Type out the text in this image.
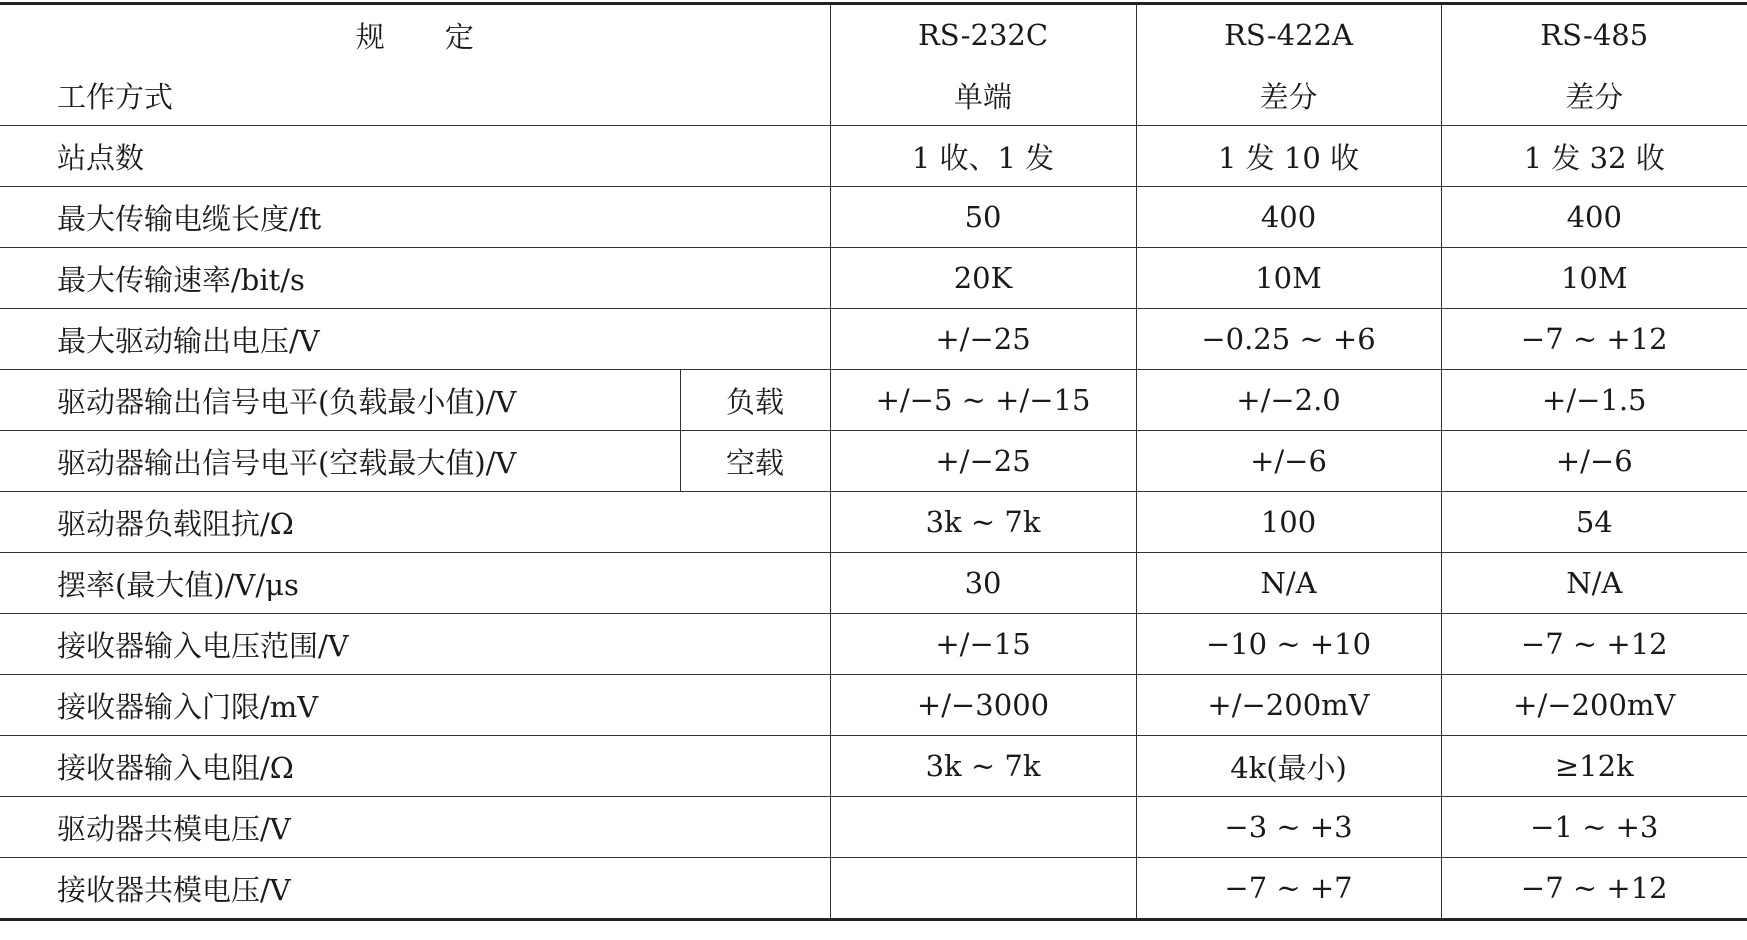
规定		RS-232C	RS-422A	RS-485
工作方式		单端	差分	差分
站点数		1 收、1 发	1 发 10 收	1 发 32 收
最大传输电缆长度/ft		50	400	400
最大传输速率/bit/s		20K	10M	10M
最大驱动输出电压/V		+/−25	−0.25 ~ +6	−7 ~ +12
驱动器输出信号电平(负载最小值)/V	负载	+/−5 ~ +/−15	+/−2.0	+/−1.5
驱动器输出信号电平(空载最大值)/V	空载	+/−25	+/−6	+/−6
驱动器负载阻抗/Ω		3k ~ 7k	100	54
摆率(最大值)/V/μs		30	N/A	N/A
接收器输入电压范围/V		+/−15	−10 ~ +10	−7 ~ +12
接收器输入门限/mV		+/−3000	+/−200mV	+/−200mV
接收器输入电阻/Ω		3k ~ 7k	4k(最小)	≥12k
驱动器共模电压/V			−3 ~ +3	−1 ~ +3
接收器共模电压/V			−7 ~ +7	−7 ~ +12
